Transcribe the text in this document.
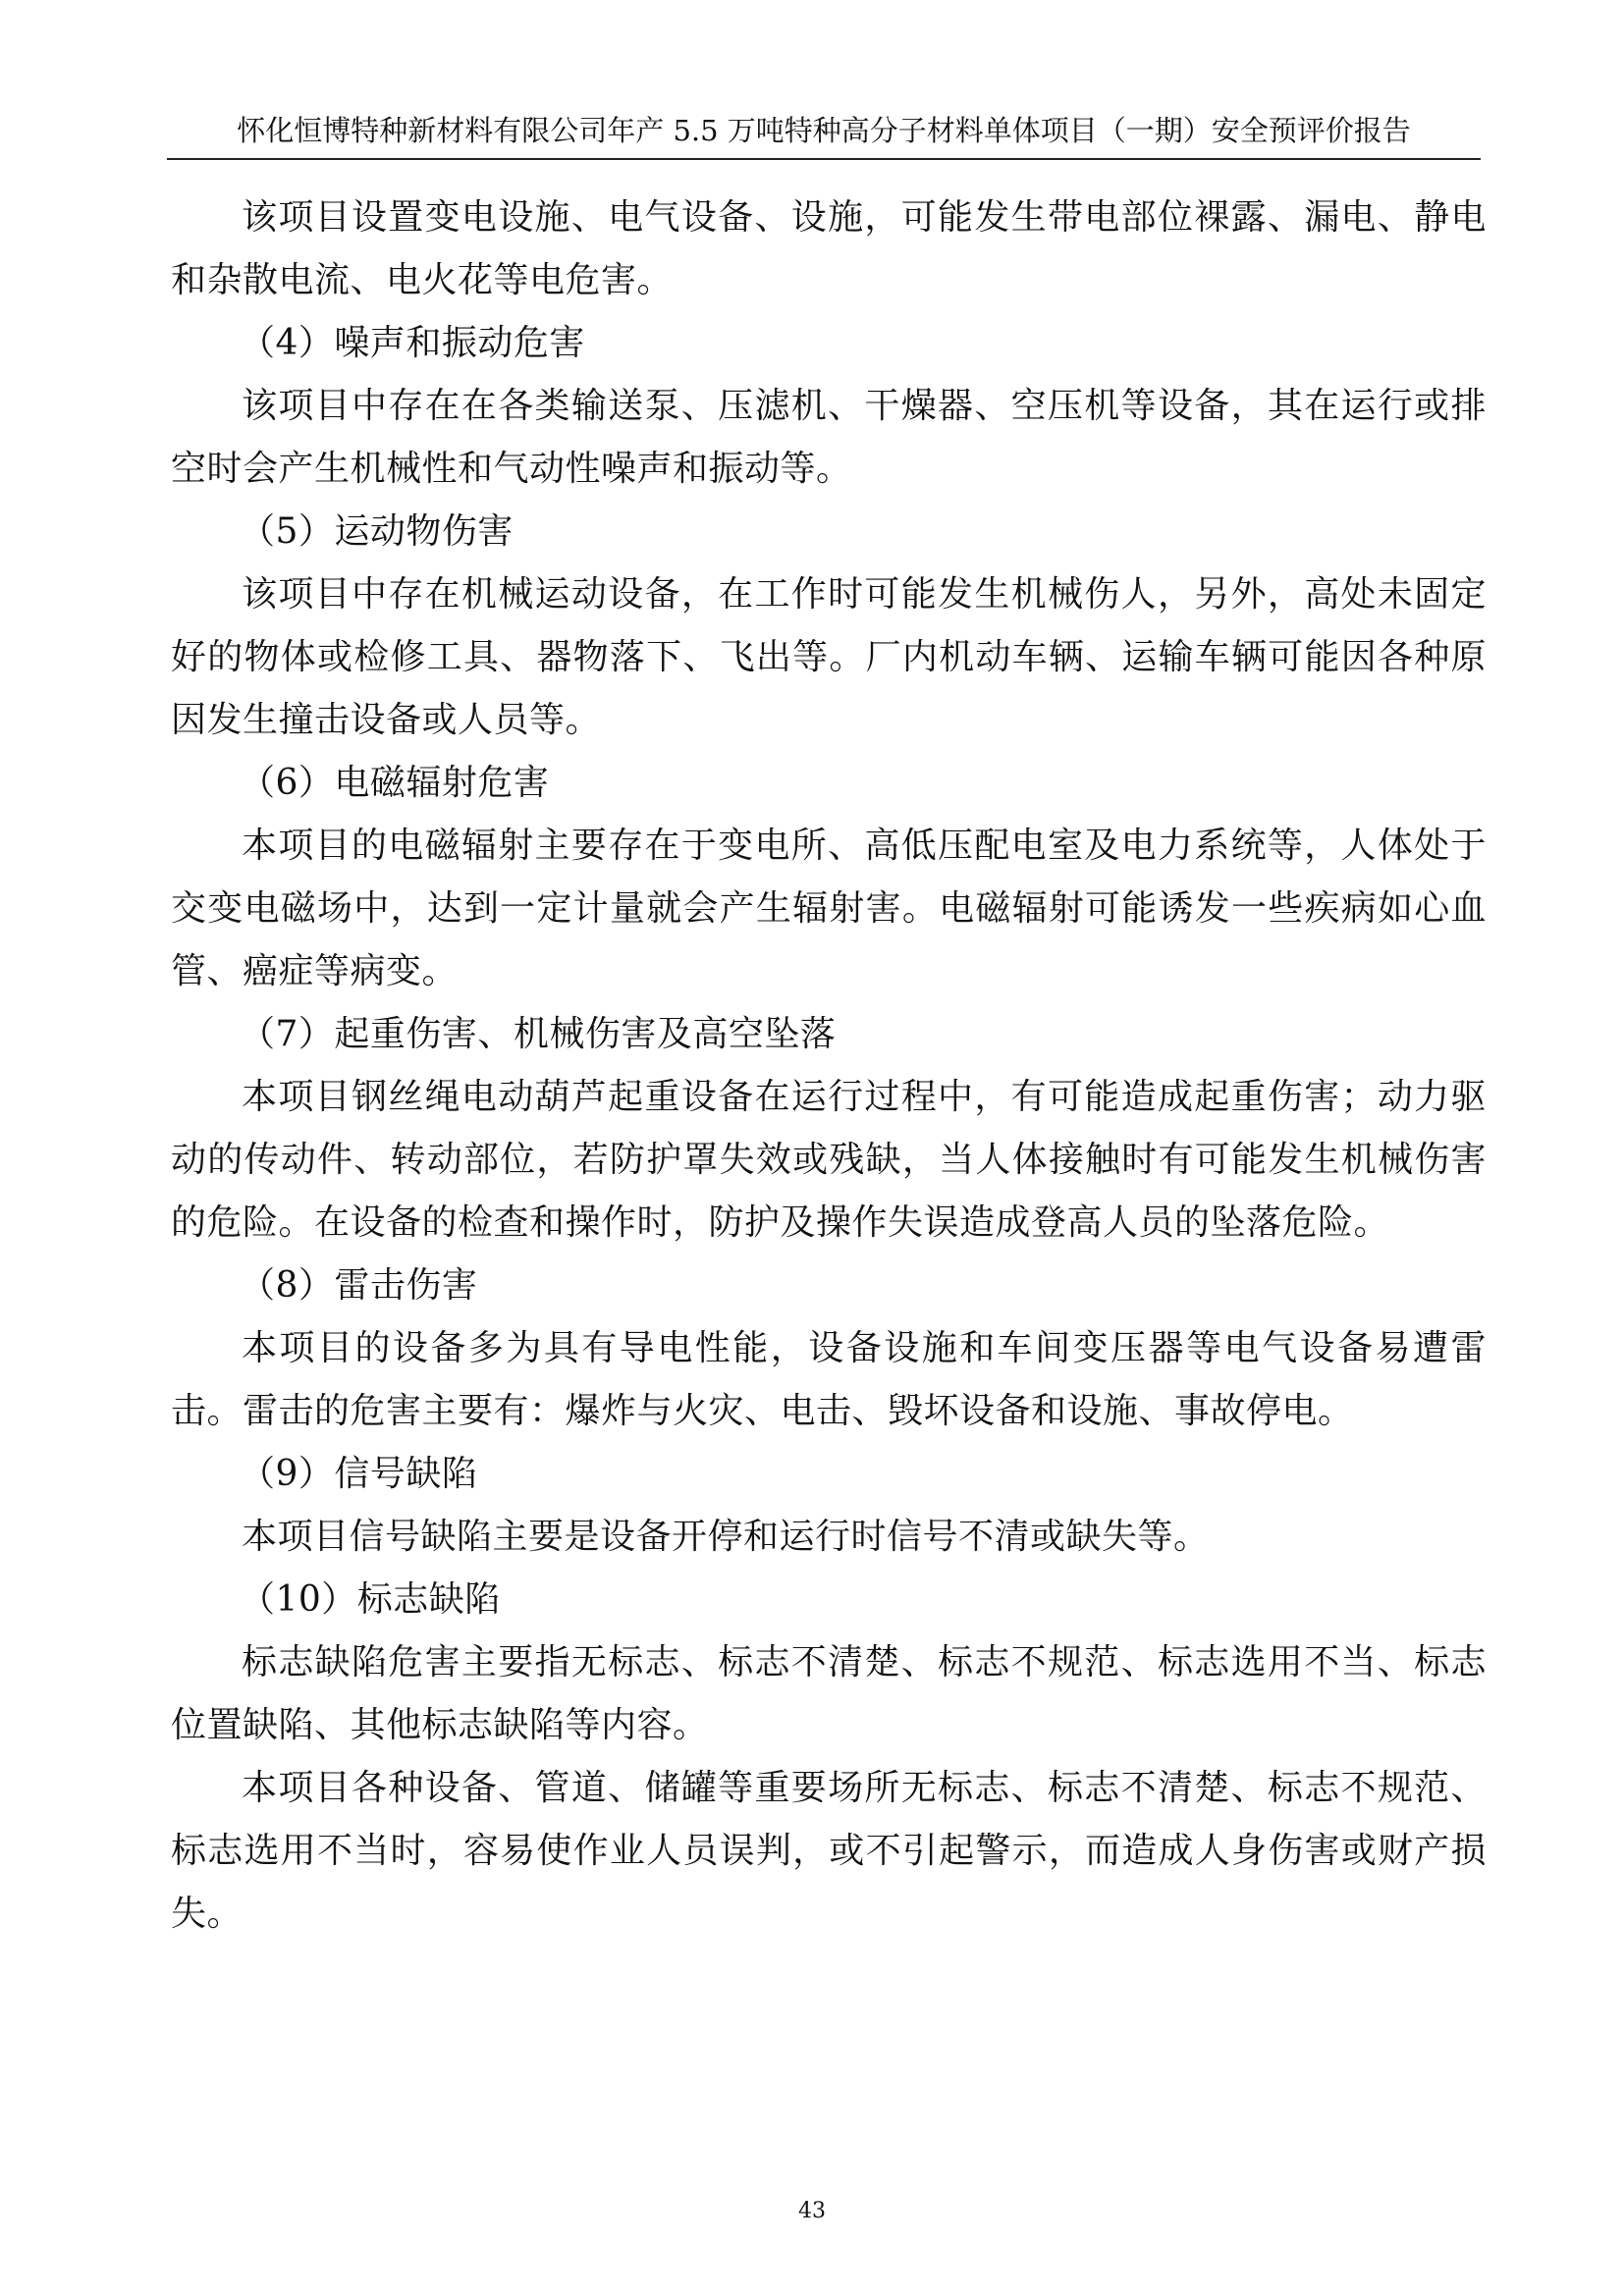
怀化恒博特种新材料有限公司年产 5.5 万吨特种高分子材料单体项目（一期）安全预评价报告

该项目设置变电设施、电气设备、设施，可能发生带电部位裸露、漏电、静电和杂散电流、电火花等电危害。

（4）噪声和振动危害

该项目中存在在各类输送泵、压滤机、干燥器、空压机等设备，其在运行或排空时会产生机械性和气动性噪声和振动等。

（5）运动物伤害

该项目中存在机械运动设备，在工作时可能发生机械伤人，另外，高处未固定好的物体或检修工具、器物落下、飞出等。厂内机动车辆、运输车辆可能因各种原因发生撞击设备或人员等。

（6）电磁辐射危害

本项目的电磁辐射主要存在于变电所、高低压配电室及电力系统等，人体处于交变电磁场中，达到一定计量就会产生辐射害。电磁辐射可能诱发一些疾病如心血管、癌症等病变。

（7）起重伤害、机械伤害及高空坠落

本项目钢丝绳电动葫芦起重设备在运行过程中，有可能造成起重伤害；动力驱动的传动件、转动部位，若防护罩失效或残缺，当人体接触时有可能发生机械伤害的危险。在设备的检查和操作时，防护及操作失误造成登高人员的坠落危险。

（8）雷击伤害

本项目的设备多为具有导电性能，设备设施和车间变压器等电气设备易遭雷击。雷击的危害主要有：爆炸与火灾、电击、毁坏设备和设施、事故停电。

（9）信号缺陷

本项目信号缺陷主要是设备开停和运行时信号不清或缺失等。

（10）标志缺陷

标志缺陷危害主要指无标志、标志不清楚、标志不规范、标志选用不当、标志位置缺陷、其他标志缺陷等内容。

本项目各种设备、管道、储罐等重要场所无标志、标志不清楚、标志不规范、标志选用不当时，容易使作业人员误判，或不引起警示，而造成人身伤害或财产损失。

43
